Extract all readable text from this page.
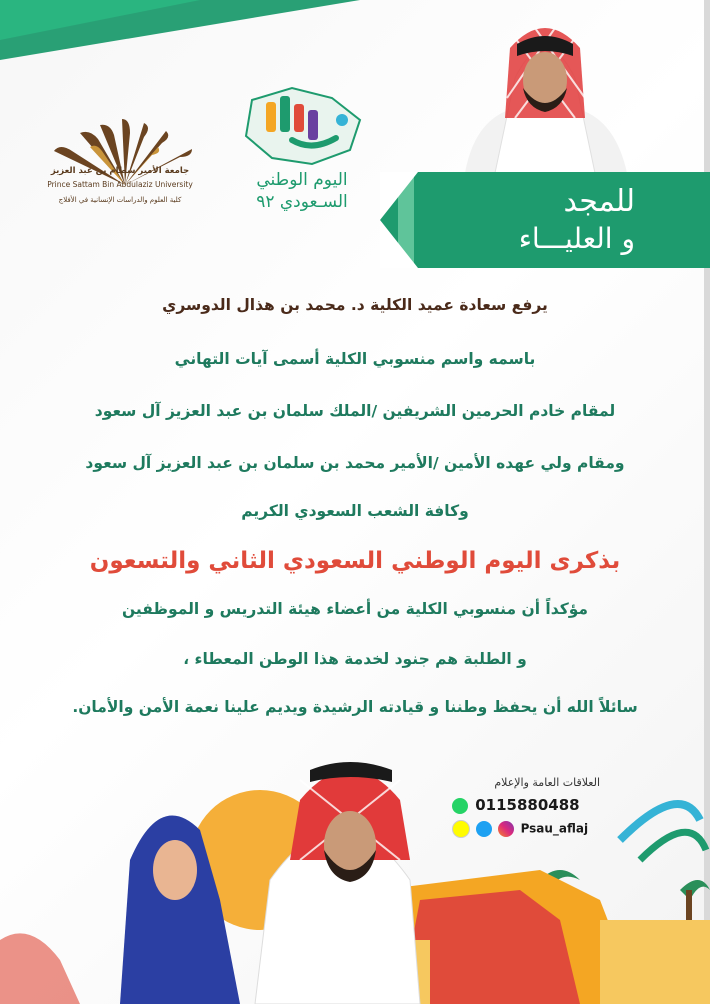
جامعة الأمير سطام بن عبد العزيز
Prince Sattam Bin Abdulaziz University
كلية العلوم والدراسات الإنسانية في الأفلاج
اليوم الوطني
السـعودي ٩٢	للمجد
و العليـــاء
يرفع سعادة عميد الكلية د. محمد بن هذال الدوسري
باسمه واسم منسوبي الكلية أسمى آيات التهاني
لمقام خادم الحرمين الشريفين /الملك سلمان بن عبد العزيز آل سعود
ومقام ولي عهده الأمين /الأمير محمد بن سلمان بن عبد العزيز آل سعود
وكافة الشعب السعودي الكريم
بذكرى اليوم الوطني السعودي الثاني والتسعون
مؤكداً أن منسوبي الكلية من أعضاء هيئة التدريس و الموظفين
و الطلبة هم جنود لخدمة هذا الوطن المعطاء ،
سائلاً الله أن يحفظ وطننا و قيادته الرشيدة ويديم علينا نعمة الأمن والأمان.
العلاقات العامة والإعلام
0115880488
Psau_aflaj
